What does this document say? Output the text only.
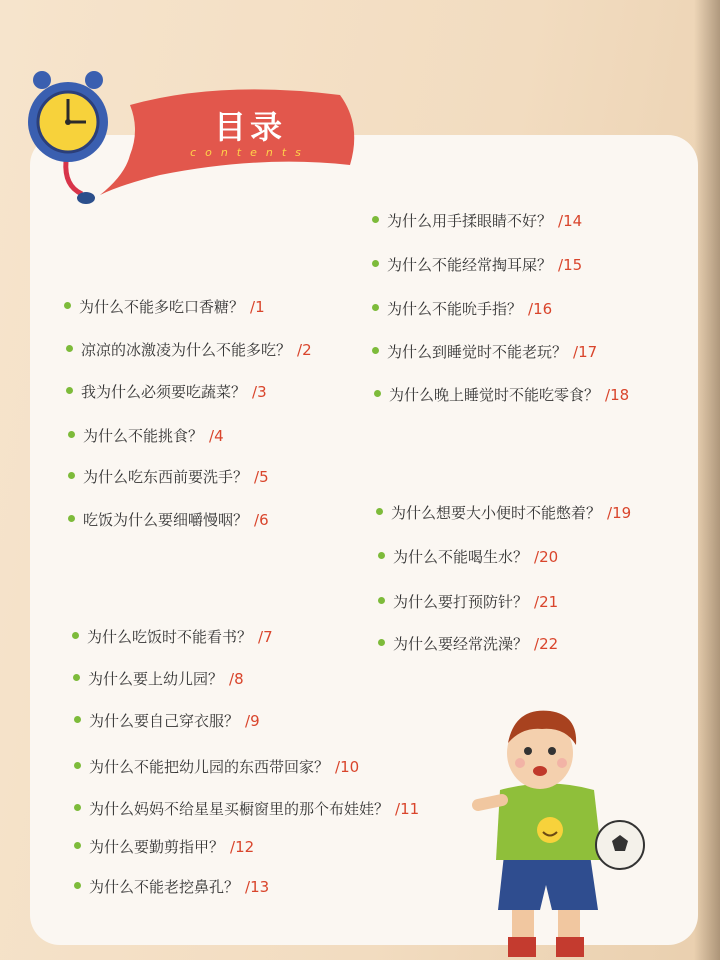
目录
contents
为什么不能多吃口香糖？ /1
凉凉的冰激凌为什么不能多吃？ /2
我为什么必须要吃蔬菜？ /3
为什么不能挑食？ /4
为什么吃东西前要洗手？ /5
吃饭为什么要细嚼慢咽？ /6
为什么吃饭时不能看书？ /7
为什么要上幼儿园？ /8
为什么要自己穿衣服？ /9
为什么不能把幼儿园的东西带回家？ /10
为什么妈妈不给星星买橱窗里的那个布娃娃？ /11
为什么要勤剪指甲？ /12
为什么不能老挖鼻孔？ /13
为什么用手揉眼睛不好？ /14
为什么不能经常掏耳屎？ /15
为什么不能吮手指？ /16
为什么到睡觉时不能老玩？ /17
为什么晚上睡觉时不能吃零食？ /18
为什么想要大小便时不能憋着？ /19
为什么不能喝生水？ /20
为什么要打预防针？ /21
为什么要经常洗澡？ /22
